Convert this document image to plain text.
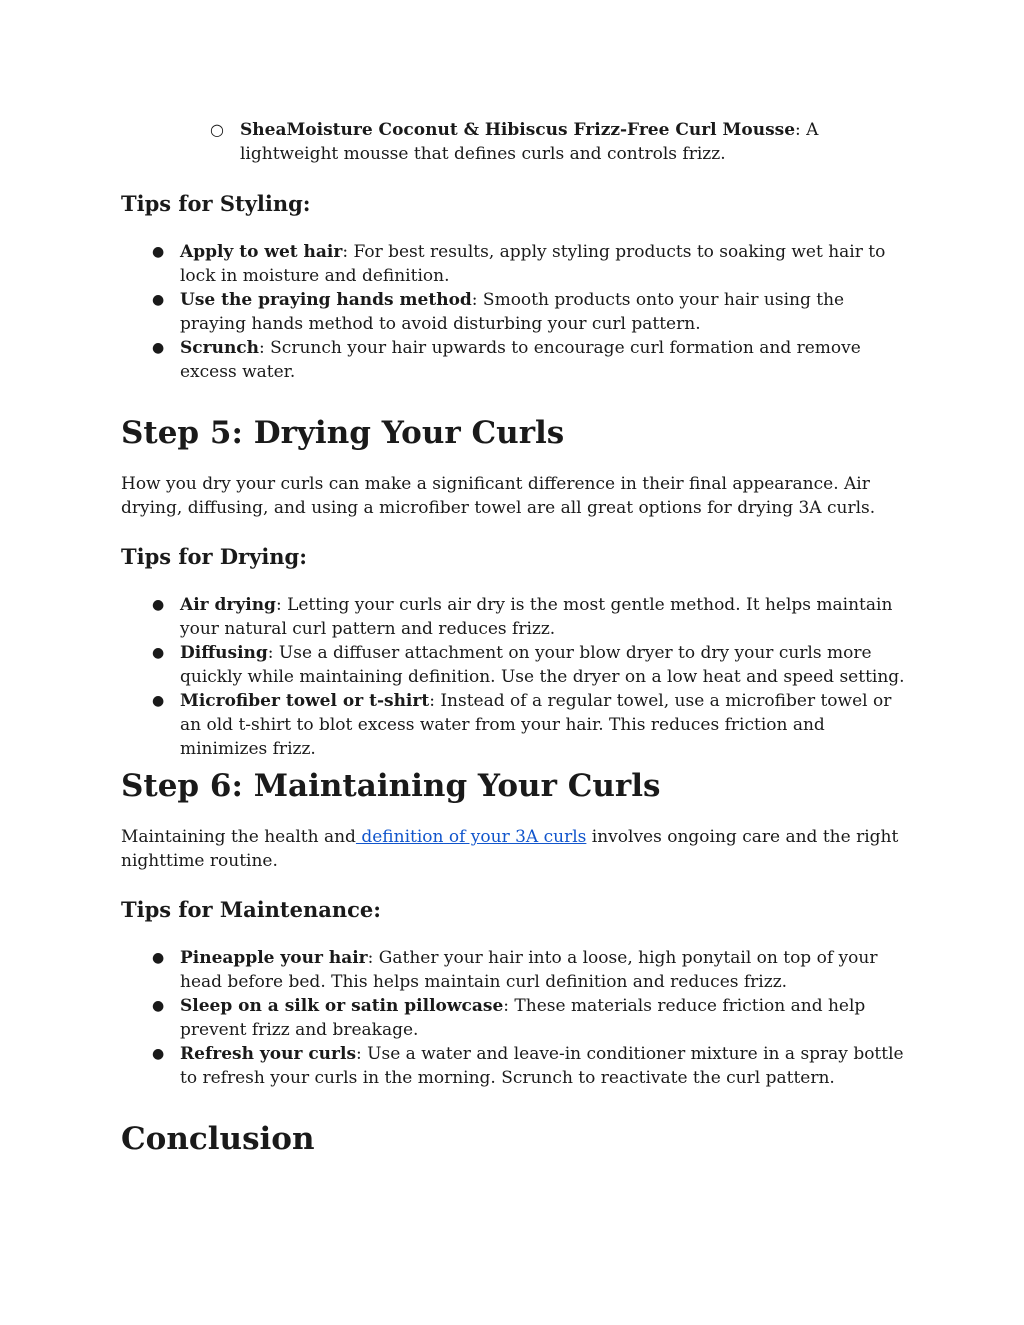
○ SheaMoisture Coconut & Hibiscus Frizz-Free Curl Mousse: A lightweight mousse that defines curls and controls frizz.
Tips for Styling:
● Apply to wet hair: For best results, apply styling products to soaking wet hair to lock in moisture and definition.
● Use the praying hands method: Smooth products onto your hair using the praying hands method to avoid disturbing your curl pattern.
● Scrunch: Scrunch your hair upwards to encourage curl formation and remove excess water.
Step 5: Drying Your Curls

How you dry your curls can make a significant difference in their final appearance. Air drying, diffusing, and using a microfiber towel are all great options for drying 3A curls.

Tips for Drying:
● Air drying: Letting your curls air dry is the most gentle method. It helps maintain your natural curl pattern and reduces frizz.
● Diffusing: Use a diffuser attachment on your blow dryer to dry your curls more quickly while maintaining definition. Use the dryer on a low heat and speed setting.
● Microfiber towel or t-shirt: Instead of a regular towel, use a microfiber towel or an old t-shirt to blot excess water from your hair. This reduces friction and minimizes frizz.
Step 6: Maintaining Your Curls

Maintaining the health and definition of your 3A curls involves ongoing care and the right nighttime routine.

Tips for Maintenance:
● Pineapple your hair: Gather your hair into a loose, high ponytail on top of your head before bed. This helps maintain curl definition and reduces frizz.
● Sleep on a silk or satin pillowcase: These materials reduce friction and help prevent frizz and breakage.
● Refresh your curls: Use a water and leave-in conditioner mixture in a spray bottle to refresh your curls in the morning. Scrunch to reactivate the curl pattern.
Conclusion
